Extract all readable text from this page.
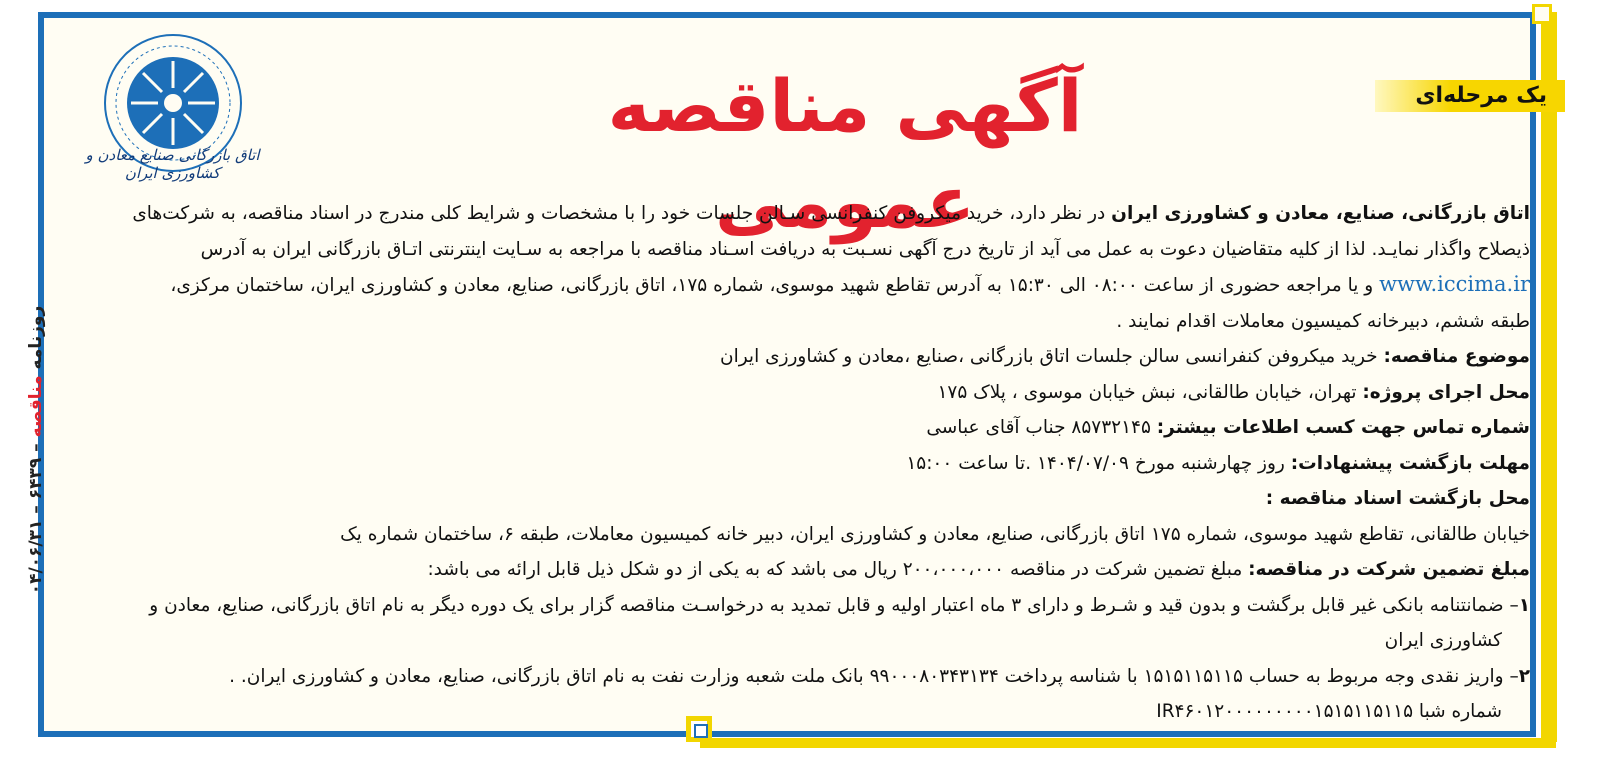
یک مرحله‌ای
آگهی مناقصه عمومی
اتاق بازرگانی صنایع معادن و کشاورزی ایران
روزنامه مناقصه – ۶۴۳۹ – ۰۴/۰۶/۳۱

اتاق بازرگانی، صنایع، معادن و کشاورزی ایران در نظر دارد، خرید میکروفن کنفرانسی سـالن جلسات خود را با مشخصات و شرایط کلی مندرج در اسناد مناقصه، به شرکت‌های

ذیصلاح واگذار نمایـد. لذا از کلیه متقاضیان دعوت به عمل می آید از تاریخ درج آگهی نسـبت به دریافت اسـناد مناقصه با مراجعه به سـایت اینترنتی اتـاق بازرگانی ایران به آدرس

www.iccima.ir و یا مراجعه حضوری از ساعت ۰۸:۰۰ الی ۱۵:۳۰ به آدرس تقاطع شهید موسوی، شماره ۱۷۵، اتاق بازرگانی، صنایع، معادن و کشاورزی ایران، ساختمان مرکزی،

طبقه ششم، دبیرخانه کمیسیون معاملات اقدام نمایند .

موضوع مناقصه: خرید میکروفن کنفرانسی سالن جلسات اتاق بازرگانی ،صنایع ،معادن و کشاورزی ایران

محل اجرای پروژه: تهران، خیابان طالقانی، نبش خیابان موسوی ، پلاک ۱۷۵

شماره تماس جهت کسب اطلاعات بیشتر: ۸۵۷۳۲۱۴۵ جناب آقای عباسی

مهلت بازگشت پیشنهادات: روز چهارشنبه مورخ ۱۴۰۴/۰۷/۰۹ .تا ساعت ۱۵:۰۰

محل بازگشت اسناد مناقصه :

خیابان طالقانی، تقاطع شهید موسوی، شماره ۱۷۵ اتاق بازرگانی، صنایع، معادن و کشاورزی ایران، دبیر خانه کمیسیون معاملات، طبقه ۶، ساختمان شماره یک

مبلغ تضمین شرکت در مناقصه: مبلغ تضمین شرکت در مناقصه ۲۰۰،۰۰۰،۰۰۰ ریال می باشد که به یکی از دو شکل ذیل قابل ارائه می باشد:

۱– ضمانتنامه بانکی غیر قابل برگشت و بدون قید و شـرط و دارای ۳ ماه اعتبار اولیه و قابل تمدید به درخواسـت مناقصه گزار برای یک دوره دیگر به نام اتاق بازرگانی، صنایع، معادن و

کشاورزی ایران

۲– واریز نقدی وجه مربوط به حساب ۱۵۱۵۱۱۵۱۱۵ با شناسه پرداخت ۹۹۰۰۰۸۰۳۴۳۱۳۴ بانک ملت شعبه وزارت نفت به نام اتاق بازرگانی، صنایع، معادن و کشاورزی ایران. .

شماره شبا IR۴۶۰۱۲۰۰۰۰۰۰۰۰۰۱۵۱۵۱۱۵۱۱۵
